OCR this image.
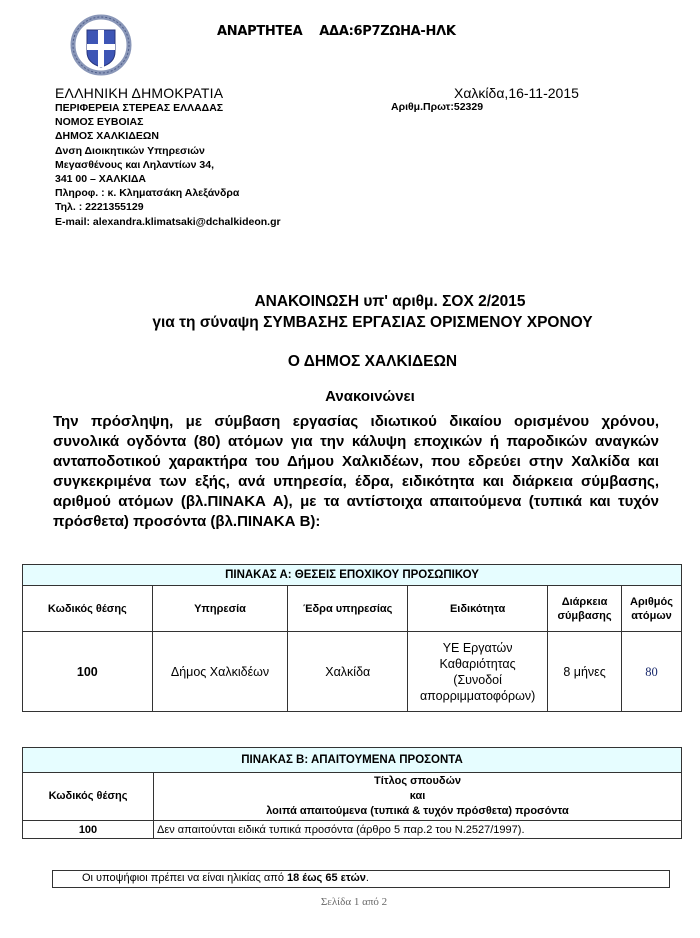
ΑΝΑΡΤΗΤΕΑ ΑΔΑ:6Ρ7ΖΩΗΑ-ΗΛΚ
ΕΛΛΗΝΙΚΗ ΔΗΜΟΚΡΑΤΙΑ
ΠΕΡΙΦΕΡΕΙΑ ΣΤΕΡΕΑΣ ΕΛΛΑΔΑΣ
ΝΟΜΟΣ ΕΥΒΟΙΑΣ
ΔΗΜΟΣ ΧΑΛΚΙΔΕΩΝ
Δνση Διοικητικών Υπηρεσιών
Μεγασθένους και Ληλαντίων 34,
341 00 – ΧΑΛΚΙΔΑ
Πληροφ. : κ. Κληματσάκη Αλεξάνδρα
Τηλ. : 2221355129
E-mail: alexandra.klimatsaki@dchalkideon.gr
Χαλκίδα,16-11-2015
Αριθμ.Πρωτ:52329
ΑΝΑΚΟΙΝΩΣΗ υπ' αριθμ. ΣΟΧ 2/2015
για τη σύναψη ΣΥΜΒΑΣΗΣ ΕΡΓΑΣΙΑΣ ΟΡΙΣΜΕΝΟΥ ΧΡΟΝΟΥ
Ο ΔΗΜΟΣ ΧΑΛΚΙΔΕΩΝ
Ανακοινώνει
Την πρόσληψη, με σύμβαση εργασίας ιδιωτικού δικαίου ορισμένου χρόνου, συνολικά ογδόντα (80) ατόμων για την κάλυψη εποχικών ή παροδικών αναγκών ανταποδοτικού χαρακτήρα του Δήμου Χαλκιδέων, που εδρεύει στην Χαλκίδα και συγκεκριμένα των εξής, ανά υπηρεσία, έδρα, ειδικότητα και διάρκεια σύμβασης, αριθμού ατόμων (βλ.ΠΙΝΑΚΑ Α), με τα αντίστοιχα απαιτούμενα (τυπικά και τυχόν πρόσθετα) προσόντα (βλ.ΠΙΝΑΚΑ Β):
ΠΙΝΑΚΑΣ Α: ΘΕΣΕΙΣ ΕΠΟΧΙΚΟΥ ΠΡΟΣΩΠΙΚΟΥ					
Κωδικός θέσης	Υπηρεσία	Έδρα υπηρεσίας	Ειδικότητα	Διάρκεια σύμβασης	Αριθμός ατόμων
100	Δήμος Χαλκιδέων	Χαλκίδα	ΥΕ Εργατών Καθαριότητας (Συνοδοί απορριμματοφόρων)	8 μήνες	80
ΠΙΝΑΚΑΣ Β: ΑΠΑΙΤΟΥΜΕΝΑ ΠΡΟΣΟΝΤΑ	
Κωδικός θέσης	Τίτλος σπουδών
και
λοιπά απαιτούμενα (τυπικά & τυχόν πρόσθετα) προσόντα

100	Δεν απαιτούνται ειδικά τυπικά προσόντα (άρθρο 5 παρ.2 του Ν.2527/1997).
Οι υποψήφιοι πρέπει να είναι ηλικίας από 18 έως 65 ετών.
Σελίδα 1 από 2
